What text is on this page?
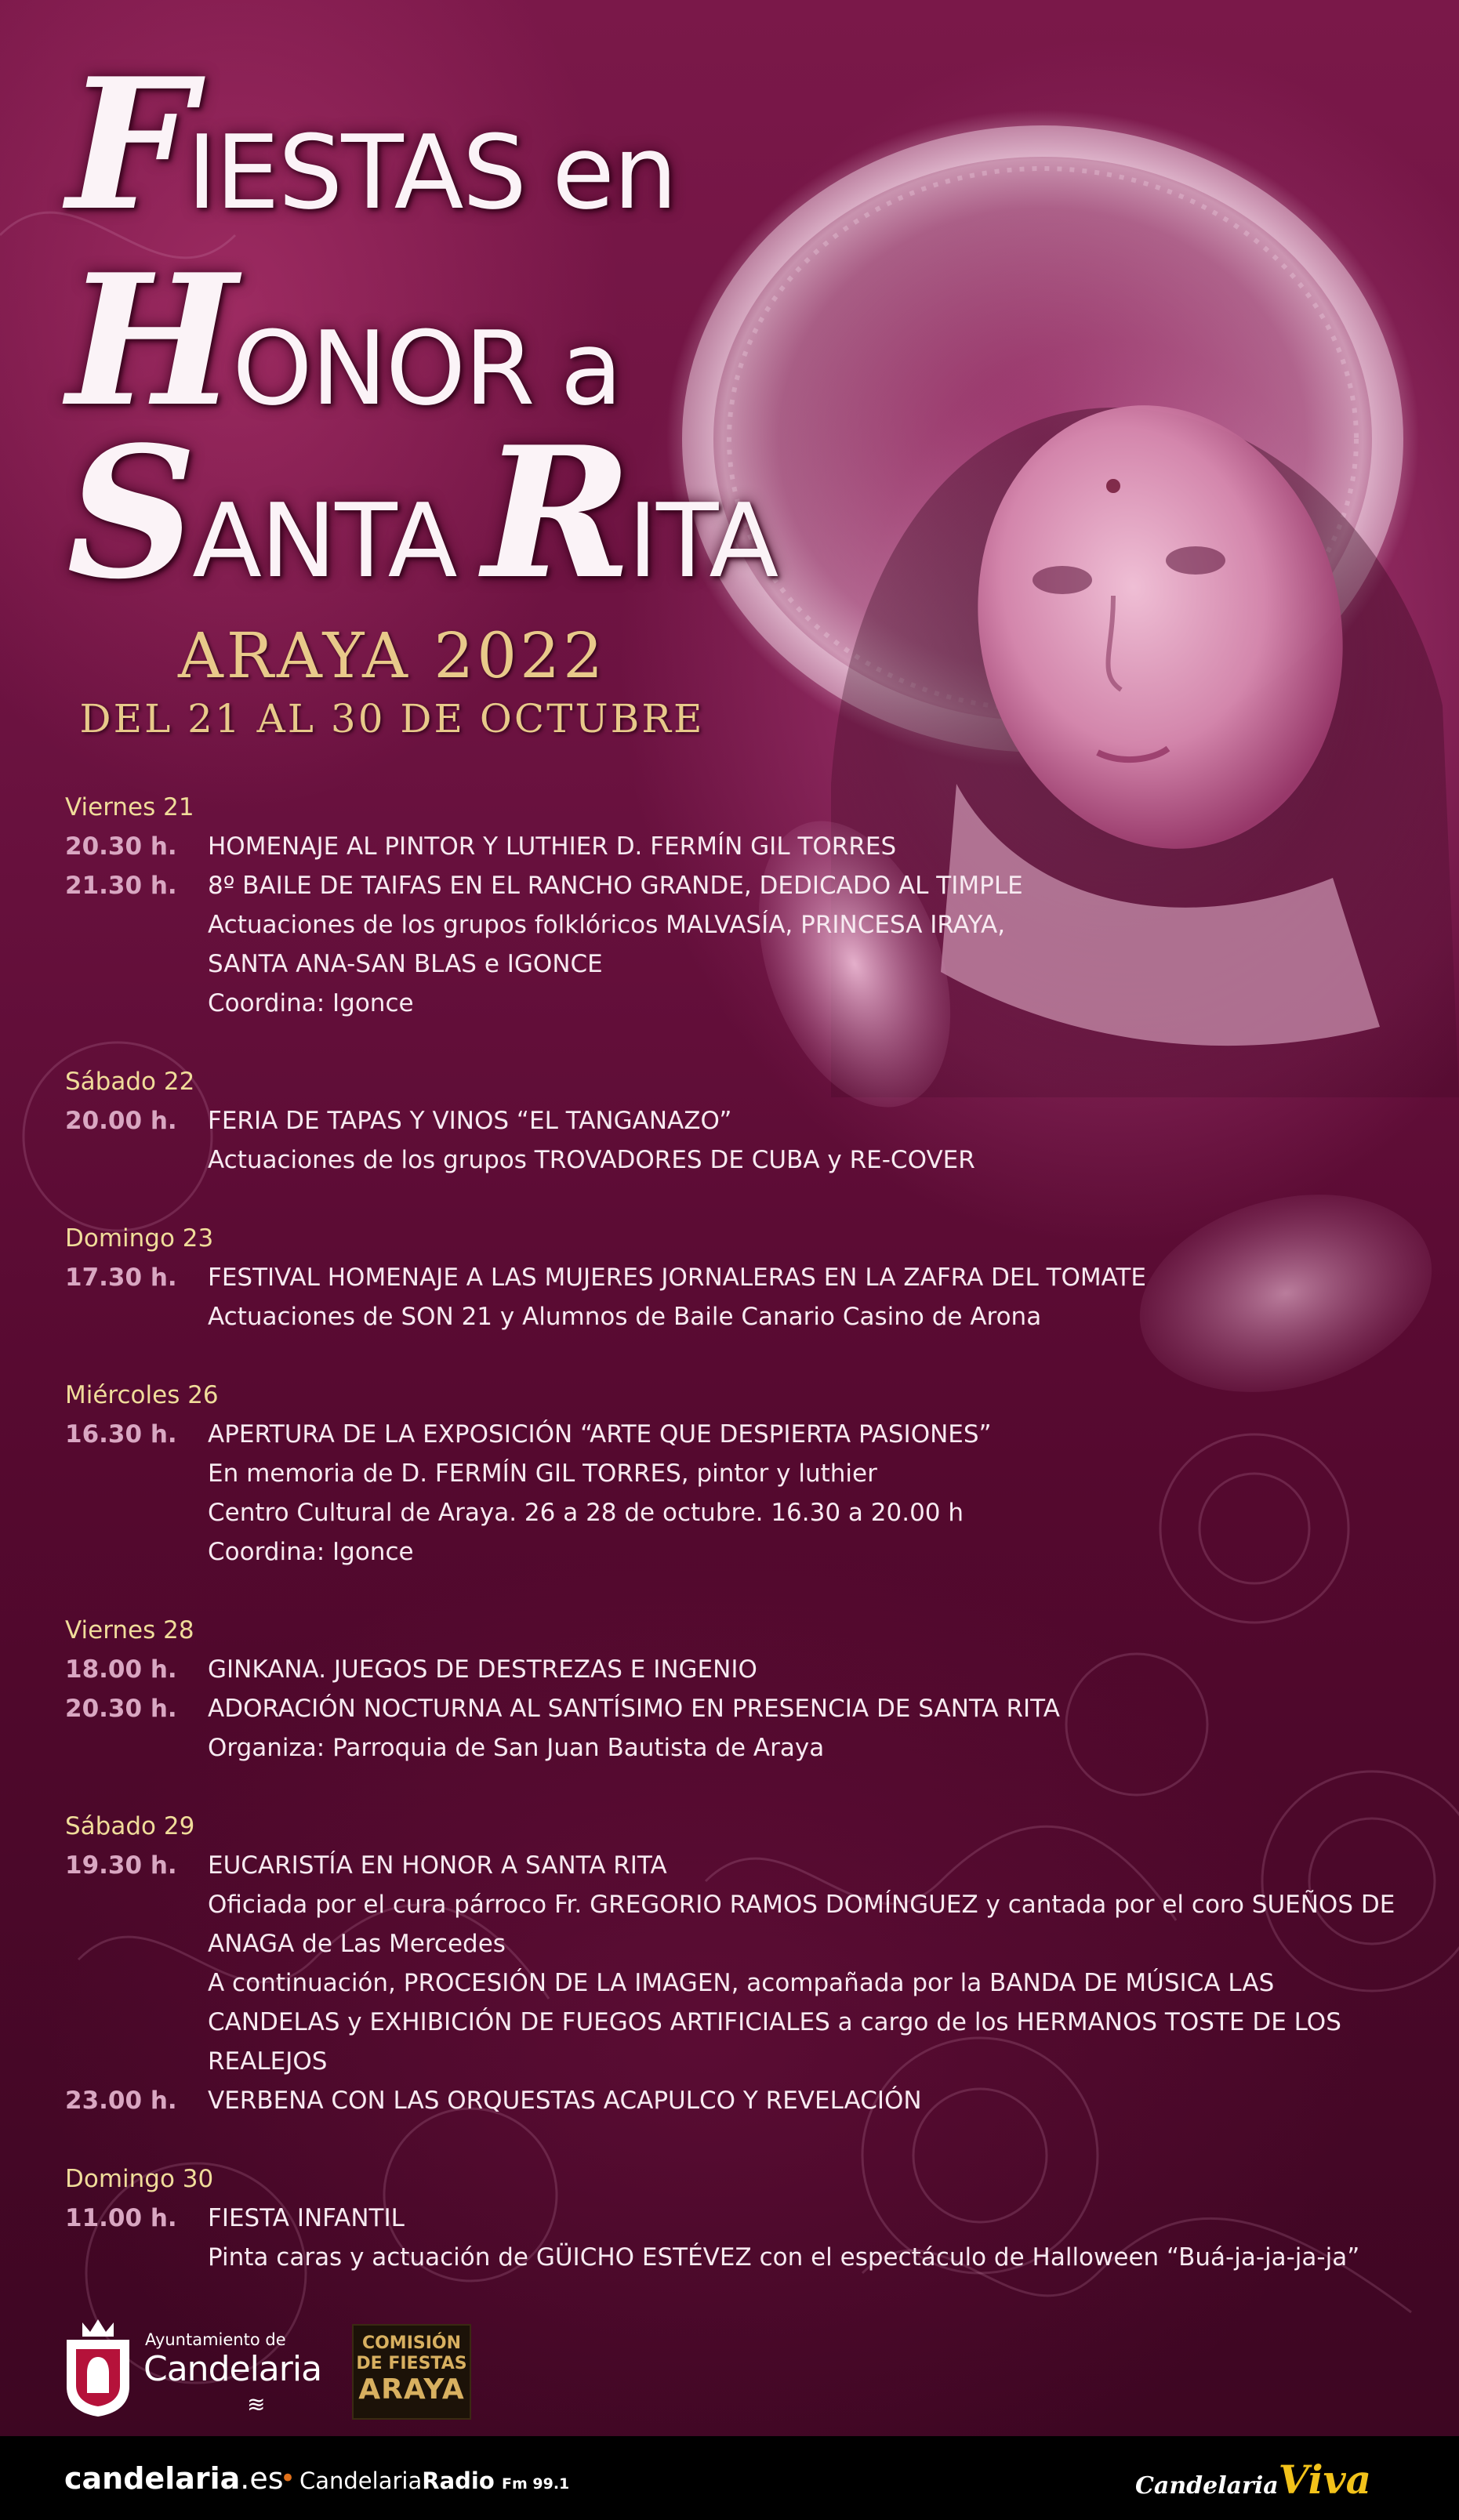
FIESTAS en
HONOR a
SANTA RITA
ARAYA 2022
DEL 21 AL 30 DE OCTUBRE
Viernes 21
20.30 h.	HOMENAJE AL PINTOR Y LUTHIER D. FERMÍN GIL TORRES
21.30 h.	8º BAILE DE TAIFAS EN EL RANCHO GRANDE, DEDICADO AL TIMPLE
Actuaciones de los grupos folklóricos MALVASÍA, PRINCESA IRAYA,
SANTA ANA-SAN BLAS e IGONCE
Coordina: Igonce
Sábado 22
20.00 h.	FERIA DE TAPAS Y VINOS “EL TANGANAZO”
Actuaciones de los grupos TROVADORES DE CUBA y RE-COVER
Domingo 23
17.30 h.	FESTIVAL HOMENAJE A LAS MUJERES JORNALERAS EN LA ZAFRA DEL TOMATE
Actuaciones de SON 21 y Alumnos de Baile Canario Casino de Arona
Miércoles 26
16.30 h.	APERTURA DE LA EXPOSICIÓN “ARTE QUE DESPIERTA PASIONES”
En memoria de D. FERMÍN GIL TORRES, pintor y luthier
Centro Cultural de Araya. 26 a 28 de octubre. 16.30 a 20.00 h
Coordina: Igonce
Viernes 28
18.00 h.	GINKANA. JUEGOS DE DESTREZAS E INGENIO
20.30 h.	ADORACIÓN NOCTURNA AL SANTÍSIMO EN PRESENCIA DE SANTA RITA
Organiza: Parroquia de San Juan Bautista de Araya
Sábado 29
19.30 h.	EUCARISTÍA EN HONOR A SANTA RITA
Oficiada por el cura párroco Fr. GREGORIO RAMOS DOMÍNGUEZ y cantada por el coro SUEÑOS DE
ANAGA de Las Mercedes
A continuación, PROCESIÓN DE LA IMAGEN, acompañada por la BANDA DE MÚSICA LAS
CANDELAS y EXHIBICIÓN DE FUEGOS ARTIFICIALES a cargo de los HERMANOS TOSTE DE LOS
REALEJOS
23.00 h.	VERBENA CON LAS ORQUESTAS ACAPULCO Y REVELACIÓN
Domingo 30
11.00 h.	FIESTA INFANTIL
Pinta caras y actuación de GÜICHO ESTÉVEZ con el espectáculo de Halloween “Buá-ja-ja-ja-ja”
Ayuntamiento de
Candelaria
≋
COMISIÓN
DE FIESTAS
ARAYA
candelaria.es
• CandelariaRadio Fm 99.1	CandelariaViva
